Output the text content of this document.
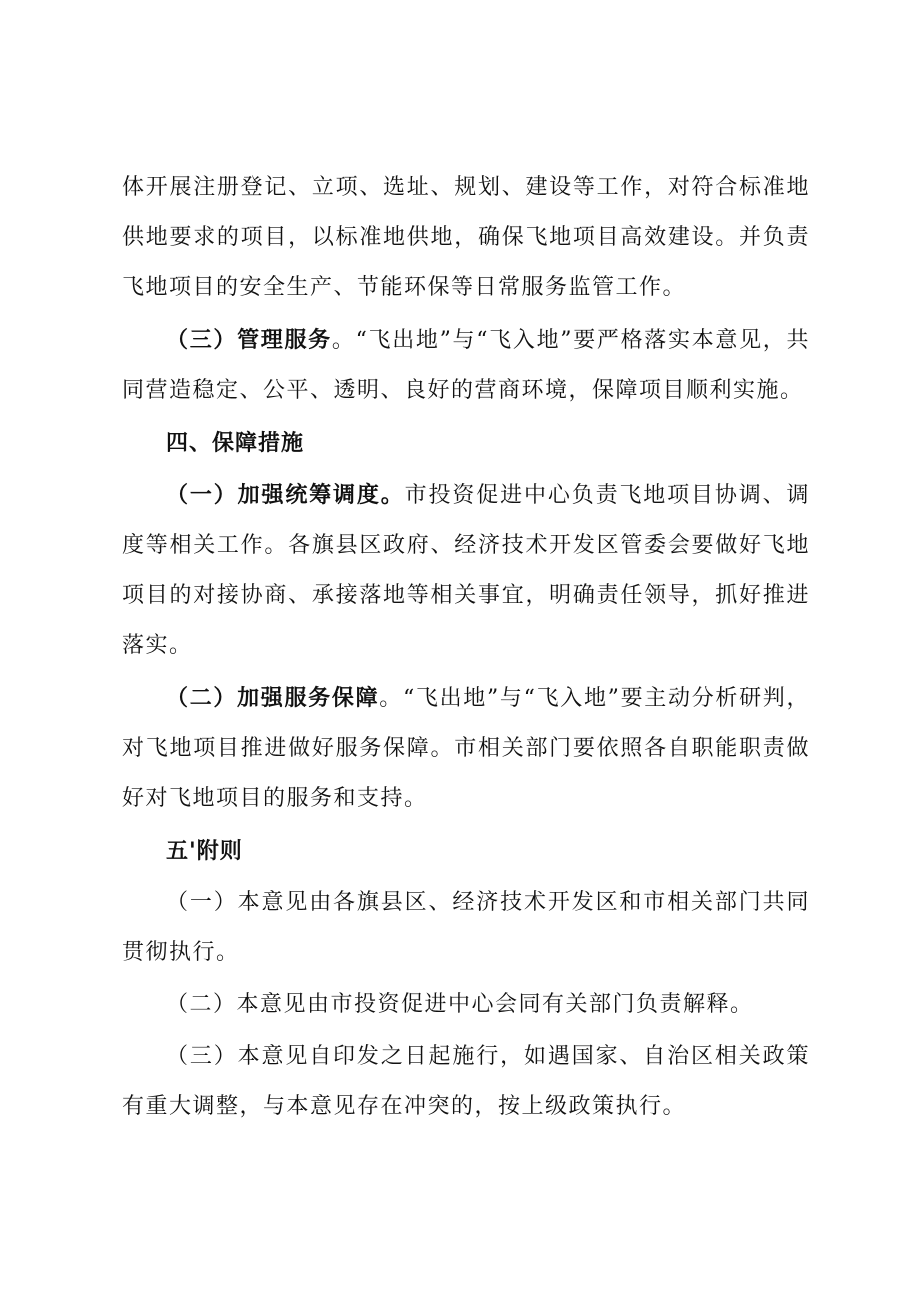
体开展注册登记、立项、选址、规划、建设等工作，对符合标准地供地要求的项目，以标准地供地，确保飞地项目高效建设。并负责飞地项目的安全生产、节能环保等日常服务监管工作。

（三）管理服务。“飞出地”与“飞入地”要严格落实本意见，共同营造稳定、公平、透明、良好的营商环境，保障项目顺利实施。

四、保障措施

（一）加强统筹调度。市投资促进中心负责飞地项目协调、调度等相关工作。各旗县区政府、经济技术开发区管委会要做好飞地项目的对接协商、承接落地等相关事宜，明确责任领导，抓好推进落实。

（二）加强服务保障。“飞出地”与“飞入地”要主动分析研判，对飞地项目推进做好服务保障。市相关部门要依照各自职能职责做好对飞地项目的服务和支持。

五'附则

（一）本意见由各旗县区、经济技术开发区和市相关部门共同贯彻执行。

（二）本意见由市投资促进中心会同有关部门负责解释。

（三）本意见自印发之日起施行，如遇国家、自治区相关政策有重大调整，与本意见存在冲突的，按上级政策执行。
